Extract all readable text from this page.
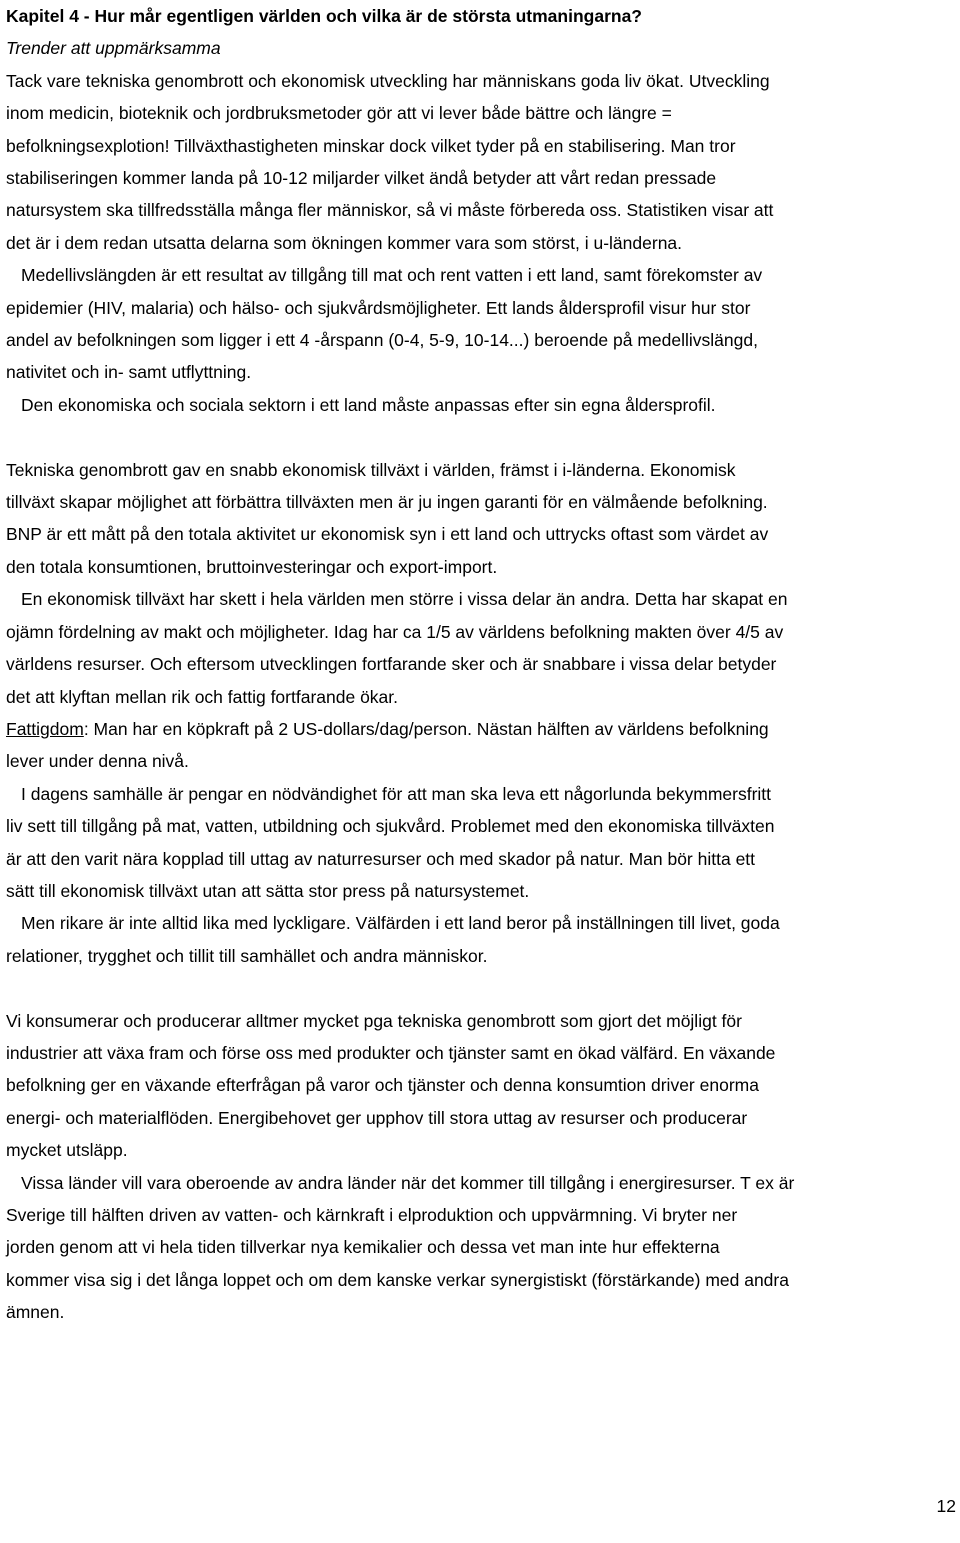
Kapitel 4 - Hur mår egentligen världen och vilka är de största utmaningarna?

Trender att uppmärksamma

Tack vare tekniska genombrott och ekonomisk utveckling har människans goda liv ökat. Utveckling

inom medicin, bioteknik och jordbruksmetoder gör att vi lever både bättre och längre =

befolkningsexplotion! Tillväxthastigheten minskar dock vilket tyder på en stabilisering. Man tror

stabiliseringen kommer landa på 10-12 miljarder vilket ändå betyder att vårt redan pressade

natursystem ska tillfredsställa många fler människor, så vi måste förbereda oss. Statistiken visar att

det är i dem redan utsatta delarna som ökningen kommer vara som störst, i u-länderna.

Medellivslängden är ett resultat av tillgång till mat och rent vatten i ett land, samt förekomster av

epidemier (HIV, malaria) och hälso- och sjukvårdsmöjligheter. Ett lands åldersprofil visur hur stor

andel av befolkningen som ligger i ett 4 -årspann (0-4, 5-9, 10-14...) beroende på medellivslängd,

nativitet och in- samt utflyttning.

Den ekonomiska och sociala sektorn i ett land måste anpassas efter sin egna åldersprofil.

Tekniska genombrott gav en snabb ekonomisk tillväxt i världen, främst i i-länderna. Ekonomisk

tillväxt skapar möjlighet att förbättra tillväxten men är ju ingen garanti för en välmående befolkning.

BNP är ett mått på den totala aktivitet ur ekonomisk syn i ett land och uttrycks oftast som värdet av

den totala konsumtionen, bruttoinvesteringar och export-import.

En ekonomisk tillväxt har skett i hela världen men större i vissa delar än andra. Detta har skapat en

ojämn fördelning av makt och möjligheter. Idag har ca 1/5 av världens befolkning makten över 4/5 av

världens resurser. Och eftersom utvecklingen fortfarande sker och är snabbare i vissa delar betyder

det att klyftan mellan rik och fattig fortfarande ökar.

Fattigdom: Man har en köpkraft på 2 US-dollars/dag/person. Nästan hälften av världens befolkning

lever under denna nivå.

I dagens samhälle är pengar en nödvändighet för att man ska leva ett någorlunda bekymmersfritt

liv sett till tillgång på mat, vatten, utbildning och sjukvård. Problemet med den ekonomiska tillväxten

är att den varit nära kopplad till uttag av naturresurser och med skador på natur. Man bör hitta ett

sätt till ekonomisk tillväxt utan att sätta stor press på natursystemet.

Men rikare är inte alltid lika med lyckligare. Välfärden i ett land beror på inställningen till livet, goda

relationer, trygghet och tillit till samhället och andra människor.

Vi konsumerar och producerar alltmer mycket pga tekniska genombrott som gjort det möjligt för

industrier att växa fram och förse oss med produkter och tjänster samt en ökad välfärd. En växande

befolkning ger en växande efterfrågan på varor och tjänster och denna konsumtion driver enorma

energi- och materialflöden. Energibehovet ger upphov till stora uttag av resurser och producerar

mycket utsläpp.

Vissa länder vill vara oberoende av andra länder när det kommer till tillgång i energiresurser. T ex är

Sverige till hälften driven av vatten- och kärnkraft i elproduktion och uppvärmning. Vi bryter ner

jorden genom att vi hela tiden tillverkar nya kemikalier och dessa vet man inte hur effekterna

kommer visa sig i det långa loppet och om dem kanske verkar synergistiskt (förstärkande) med andra

ämnen.

12
